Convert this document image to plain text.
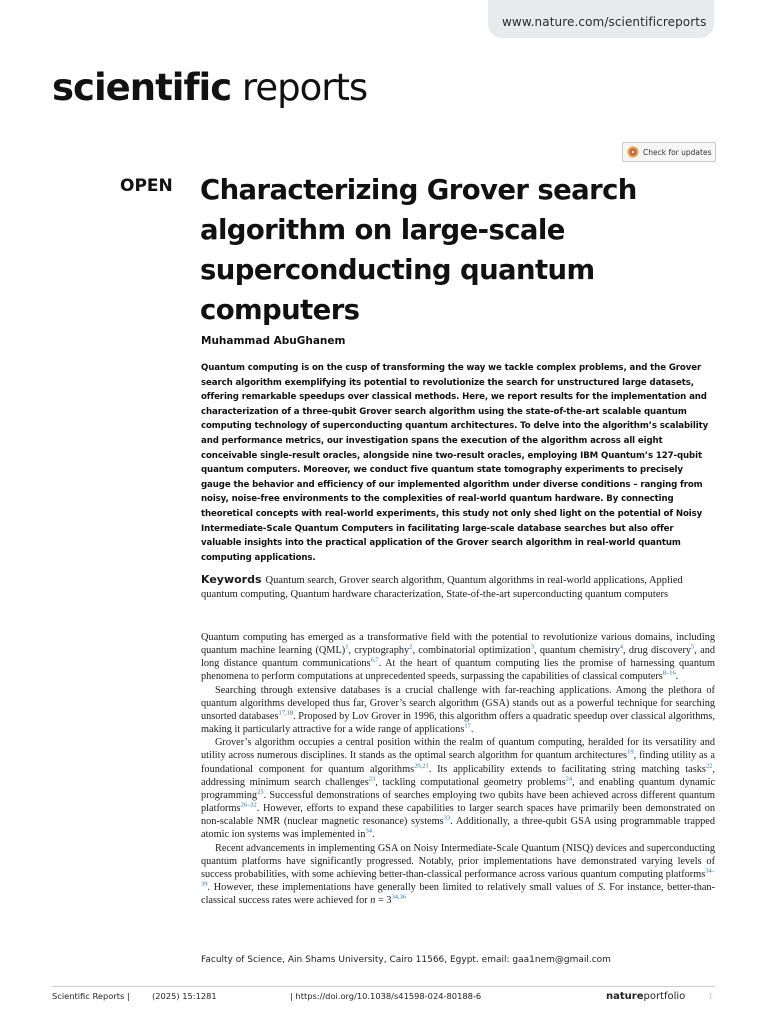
www.nature.com/scientificreports
scientific reports
Check for updates
OPEN Characterizing Grover search algorithm on large-scale superconducting quantum computers
Muhammad AbuGhanem

Quantum computing is on the cusp of transforming the way we tackle complex problems, and the Grover search algorithm exemplifying its potential to revolutionize the search for unstructured large datasets, offering remarkable speedups over classical methods. Here, we report results for the implementation and characterization of a three-qubit Grover search algorithm using the state-of-the-art scalable quantum computing technology of superconducting quantum architectures. To delve into the algorithm’s scalability and performance metrics, our investigation spans the execution of the algorithm across all eight conceivable single-result oracles, alongside nine two-result oracles, employing IBM Quantum’s 127-qubit quantum computers. Moreover, we conduct five quantum state tomography experiments to precisely gauge the behavior and efficiency of our implemented algorithm under diverse conditions – ranging from noisy, noise-free environments to the complexities of real-world quantum hardware. By connecting theoretical concepts with real-world experiments, this study not only shed light on the potential of Noisy Intermediate-Scale Quantum Computers in facilitating large-scale database searches but also offer valuable insights into the practical application of the Grover search algorithm in real-world quantum computing applications.

Keywords Quantum search, Grover search algorithm, Quantum algorithms in real-world applications, Applied quantum computing, Quantum hardware characterization, State-of-the-art superconducting quantum computers

Quantum computing has emerged as a transformative field with the potential to revolutionize various domains, including quantum machine learning (QML)$^1$, cryptography$^2$, combinatorial optimization$^3$, quantum chemistry$^4$, drug discovery$^5$, and long distance quantum communications$^{6,7}$. At the heart of quantum computing lies the promise of harnessing quantum phenomena to perform computations at unprecedented speeds, surpassing the capabilities of classical computers$^{8-16}$.

Searching through extensive databases is a crucial challenge with far-reaching applications. Among the plethora of quantum algorithms developed thus far, Grover’s search algorithm (GSA) stands out as a powerful technique for searching unsorted databases$^{17,18}$. Proposed by Lov Grover in 1996, this algorithm offers a quadratic speedup over classical algorithms, making it particularly attractive for a wide range of applications$^{17}$.

Grover’s algorithm occupies a central position within the realm of quantum computing, heralded for its versatility and utility across numerous disciplines. It stands as the optimal search algorithm for quantum architectures$^{19}$, finding utility as a foundational component for quantum algorithms$^{20,21}$. Its applicability extends to facilitating string matching tasks$^{22}$, addressing minimum search challenges$^{23}$, tackling computational geometry problems$^{24}$, and enabling quantum dynamic programming$^{25}$. Successful demonstrations of searches employing two qubits have been achieved across different quantum platforms$^{26-32}$. However, efforts to expand these capabilities to larger search spaces have primarily been demonstrated on non-scalable NMR (nuclear magnetic resonance) systems$^{33}$. Additionally, a three-qubit GSA using programmable trapped atomic ion systems was implemented in$^{34}$.

Recent advancements in implementing GSA on Noisy Intermediate-Scale Quantum (NISQ) devices and superconducting quantum platforms have significantly progressed. Notably, prior implementations have demonstrated varying levels of success probabilities, with some achieving better-than-classical performance across various quantum computing platforms$^{34-39}$. However, these implementations have generally been limited to relatively small values of S. For instance, better-than-classical success rates were achieved for n = 3$^{34,36}$

Faculty of Science, Ain Shams University, Cairo 11566, Egypt. email: gaa1nem@gmail.com
Scientific Reports |	(2025) 15:1281	| https://doi.org/10.1038/s41598-024-80188-6	natureportfolio	1
